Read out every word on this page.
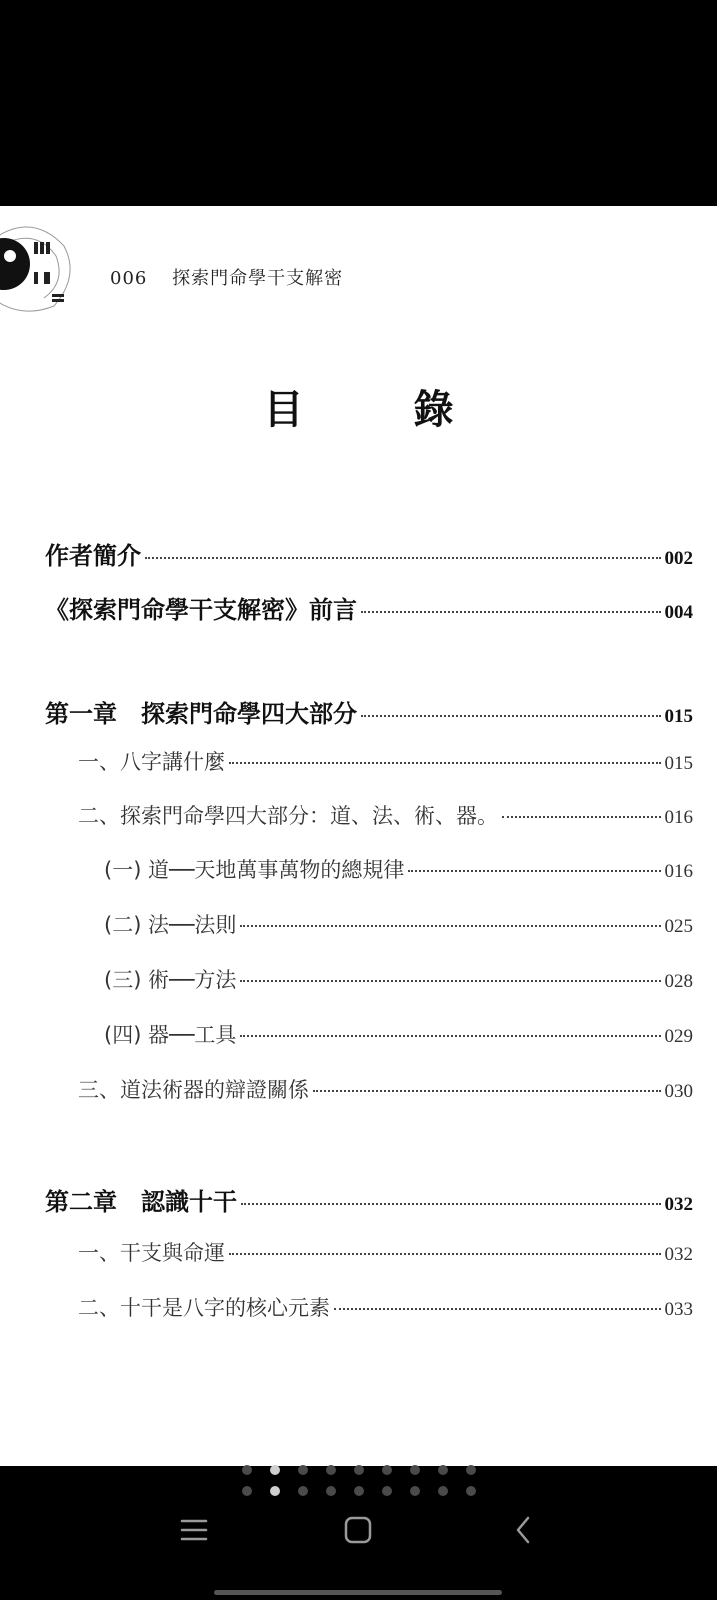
006 探索門命學干支解密
目錄
作者簡介	002
《探索門命學干支解密》前言	004
第一章　探索門命學四大部分	015
一、八字講什麼	015
二、探索門命學四大部分：道、法、術、器。	016
(一) 道──天地萬事萬物的總規律	016
(二) 法──法則	025
(三) 術──方法	028
(四) 器──工具	029
三、道法術器的辯證關係	030
第二章　認識十干	032
一、干支與命運	032
二、十干是八字的核心元素	033
